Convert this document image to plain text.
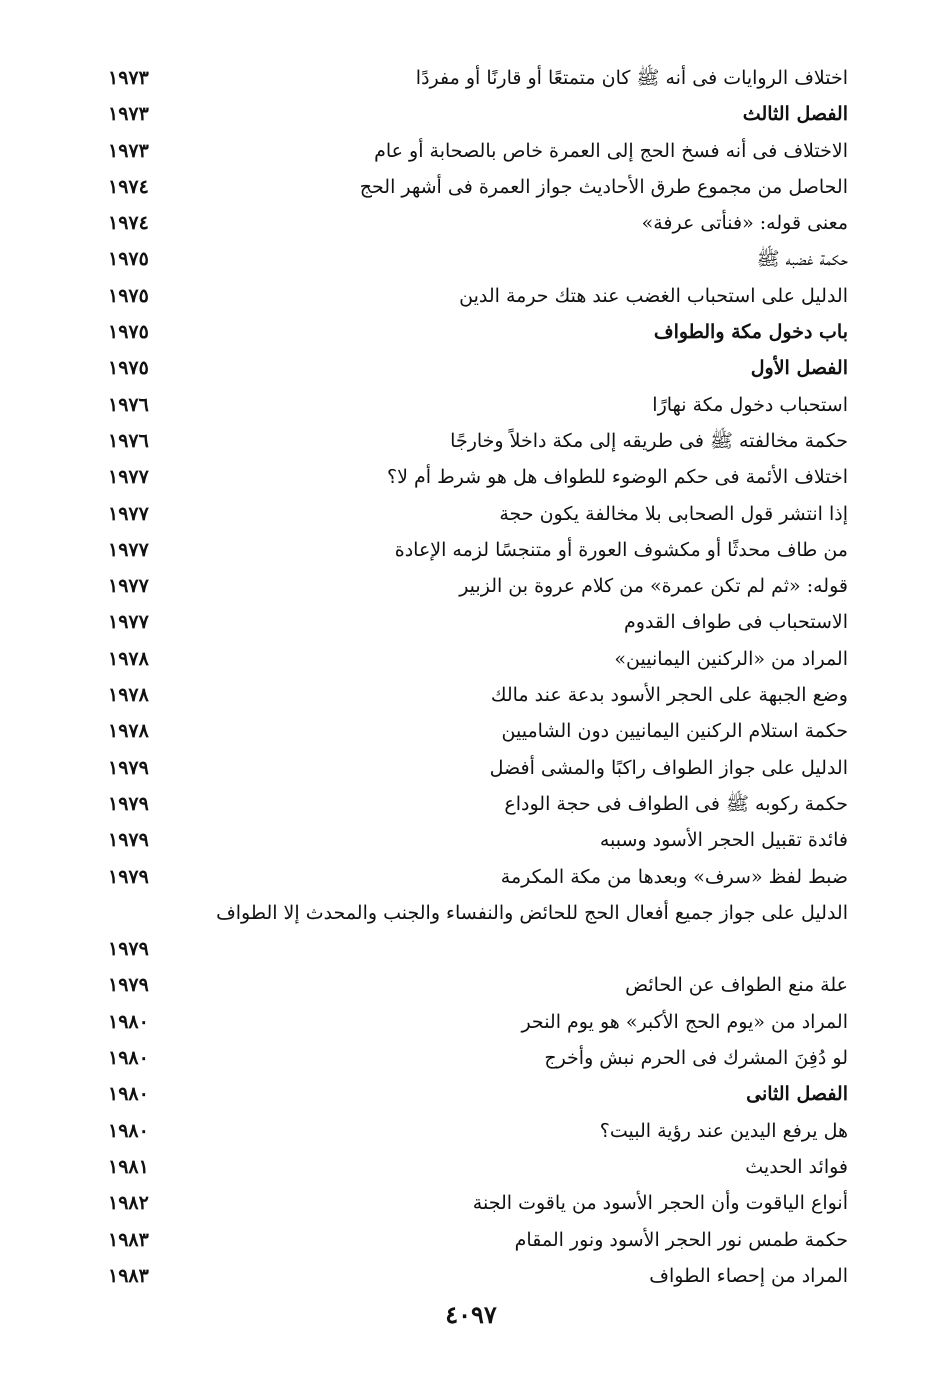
اختلاف الروايات فى أنه ﷺ كان متمتعًا أو قارنًا أو مفردًا
١٩٧٣
الفصل الثالث
١٩٧٣
الاختلاف فى أنه فسخ الحج إلى العمرة خاص بالصحابة أو عام
١٩٧٣
الحاصل من مجموع طرق الأحاديث جواز العمرة فى أشهر الحج
١٩٧٤
معنى قوله: «فنأتى عرفة»
١٩٧٤
حكمة غضبه ﷺ
١٩٧٥
الدليل على استحباب الغضب عند هتك حرمة الدين
١٩٧٥
باب دخول مكة والطواف
١٩٧٥
الفصل الأول
١٩٧٥
استحباب دخول مكة نهارًا
١٩٧٦
حكمة مخالفته ﷺ فى طريقه إلى مكة داخلاً وخارجًا
١٩٧٦
اختلاف الأئمة فى حكم الوضوء للطواف هل هو شرط أم لا؟
١٩٧٧
إذا انتشر قول الصحابى بلا مخالفة يكون حجة
١٩٧٧
من طاف محدثًا أو مكشوف العورة أو متنجسًا لزمه الإعادة
١٩٧٧
قوله: «ثم لم تكن عمرة» من كلام عروة بن الزبير
١٩٧٧
الاستحباب فى طواف القدوم
١٩٧٧
المراد من «الركنين اليمانيين»
١٩٧٨
وضع الجبهة على الحجر الأسود بدعة عند مالك
١٩٧٨
حكمة استلام الركنين اليمانيين دون الشاميين
١٩٧٨
الدليل على جواز الطواف راكبًا والمشى أفضل
١٩٧٩
حكمة ركوبه ﷺ فى الطواف فى حجة الوداع
١٩٧٩
فائدة تقبيل الحجر الأسود وسببه
١٩٧٩
ضبط لفظ «سرف» وبعدها من مكة المكرمة
١٩٧٩
الدليل على جواز جميع أفعال الحج للحائض والنفساء والجنب والمحدث إلا الطواف
١٩٧٩
علة منع الطواف عن الحائض
١٩٧٩
المراد من «يوم الحج الأكبر» هو يوم النحر
١٩٨٠
لو دُفِنَ المشرك فى الحرم نبش وأخرج
١٩٨٠
الفصل الثانى
١٩٨٠
هل يرفع اليدين عند رؤية البيت؟
١٩٨٠
فوائد الحديث
١٩٨١
أنواع الياقوت وأن الحجر الأسود من ياقوت الجنة
١٩٨٢
حكمة طمس نور الحجر الأسود ونور المقام
١٩٨٣
المراد من إحصاء الطواف
١٩٨٣
٤٠٩٧
